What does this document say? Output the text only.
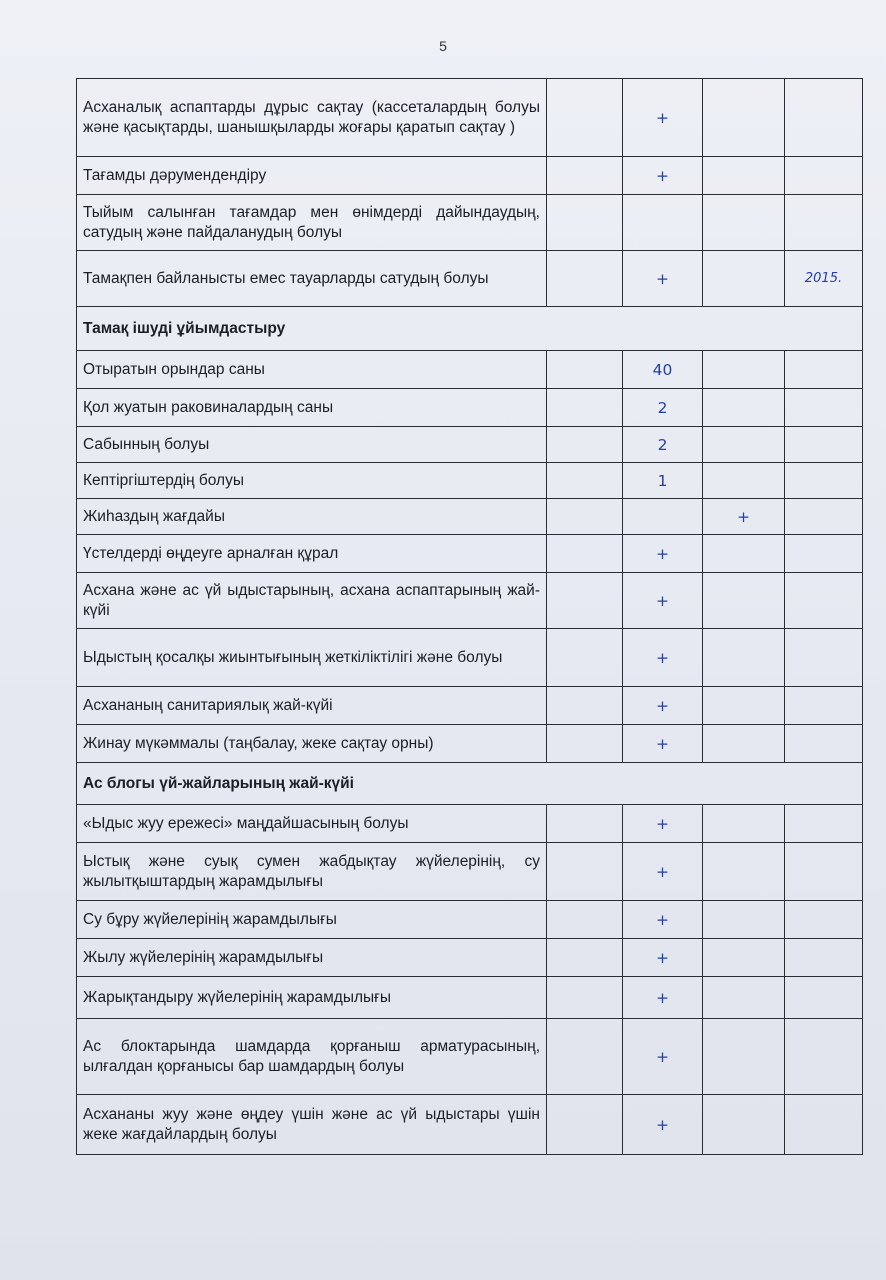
5
Асханалық аспаптарды дұрыс сақтау (кассеталардың болуы және қасықтарды, шанышқыларды жоғары қаратып сақтау )		+		
Тағамды дәрумендендіру		+		
Тыйым салынған тағамдар мен өнімдерді дайындаудың, сатудың және пайдаланудың болуы				
Тамақпен байланысты емес тауарларды сатудың болуы		+		2015.
Тамақ ішуді ұйымдастыру				
Отыратын орындар саны		40		
Қол жуатын раковиналардың саны		2		
Сабынның болуы		2		
Кептіргіштердің болуы		1		
Жиһаздың жағдайы			+	
Үстелдерді өңдеуге арналған құрал		+		
Асхана және ас үй ыдыстарының, асхана аспаптарының жай-күйі		+		
Ыдыстың қосалқы жиынтығының жеткіліктілігі және болуы		+		
Асхананың санитариялық жай-күйі		+		
Жинау мүкәммалы (таңбалау, жеке сақтау орны)		+		
Ас блогы үй-жайларының жай-күйі				
«Ыдыс жуу ережесі» маңдайшасының болуы		+		
Ыстық және суық сумен жабдықтау жүйелерінің, су жылытқыштардың жарамдылығы		+		
Су бұру жүйелерінің жарамдылығы		+		
Жылу жүйелерінің жарамдылығы		+		
Жарықтандыру жүйелерінің жарамдылығы		+		
Ас блоктарында шамдарда қорғаныш арматурасының, ылғалдан қорғанысы бар шамдардың болуы		+		
Асхананы жуу және өңдеу үшін және ас үй ыдыстары үшін жеке жағдайлардың болуы		+		
